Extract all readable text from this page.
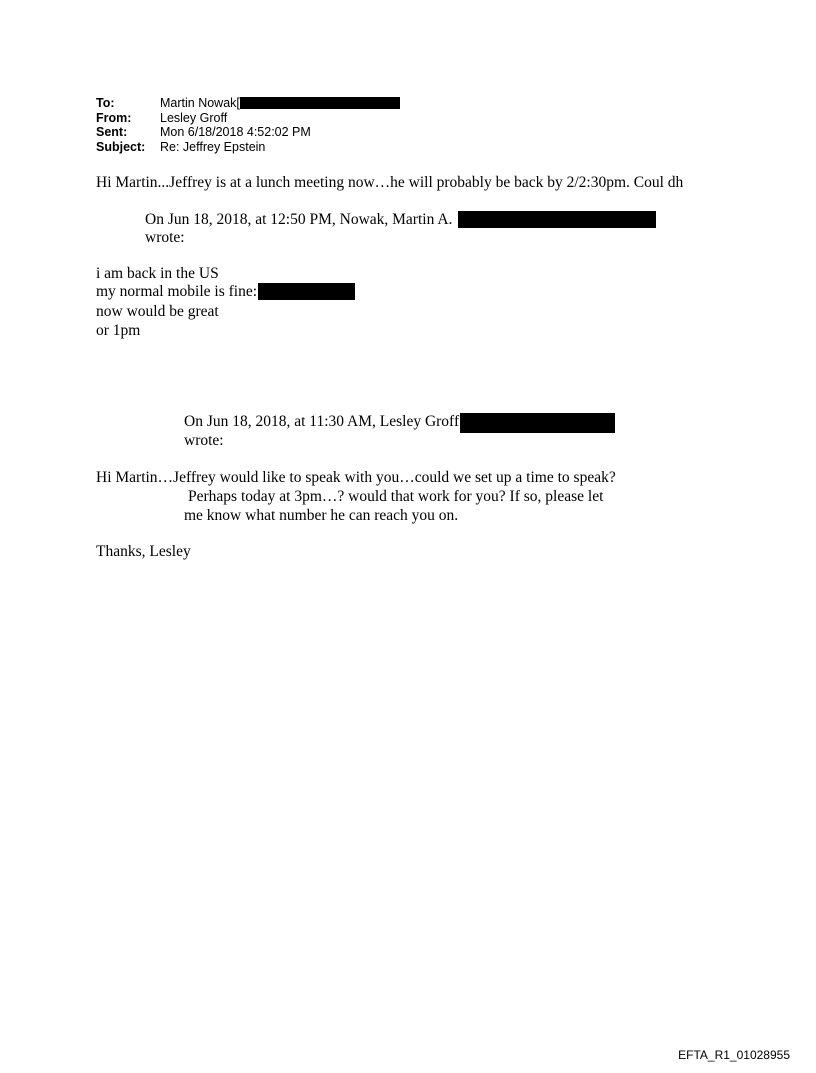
To:	Martin Nowak[
From:	Lesley Groff
Sent:	Mon 6/18/2018 4:52:02 PM
Subject:	Re: Jeffrey Epstein
Hi Martin...Jeffrey is at a lunch meeting now…he will probably be back by 2/2:30pm. Coul dh
On Jun 18, 2018, at 12:50 PM, Nowak, Martin A.
wrote:
i am back in the US
my normal mobile is fine:
now would be great
or 1pm
On Jun 18, 2018, at 11:30 AM, Lesley Groff
wrote:
Hi Martin…Jeffrey would like to speak with you…could we set up a time to speak?
Perhaps today at 3pm…? would that work for you? If so, please let
me know what number he can reach you on.
Thanks, Lesley
EFTA_R1_01028955
